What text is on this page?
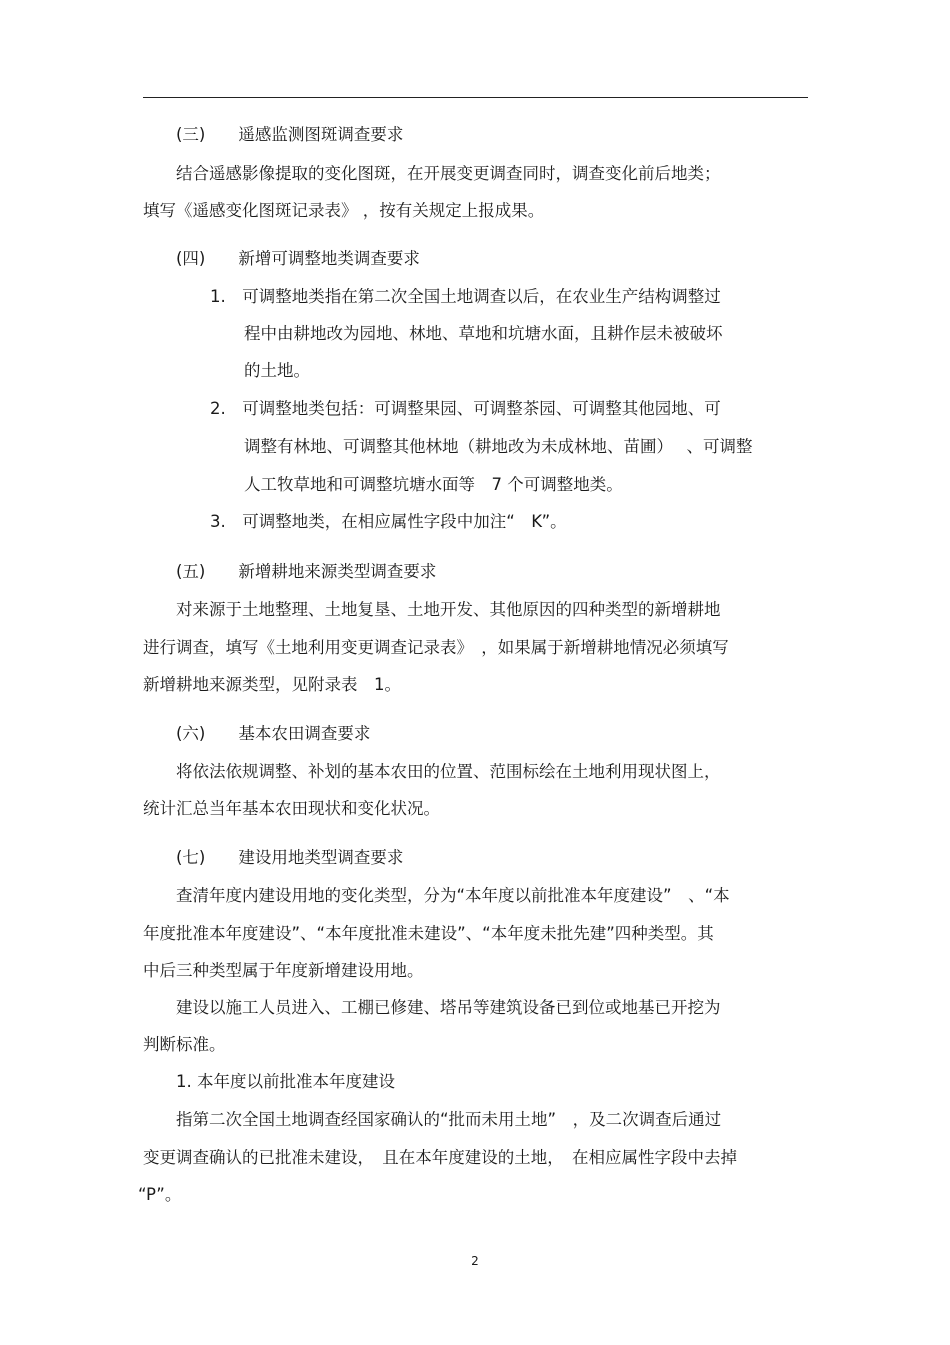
(三)　　遥感监测图斑调查要求
结合遥感影像提取的变化图斑，在开展变更调查同时，调查变化前后地类；
填写《遥感变化图斑记录表》 ，按有关规定上报成果。
(四)　　新增可调整地类调查要求
1.　可调整地类指在第二次全国土地调查以后，在农业生产结构调整过
程中由耕地改为园地、林地、草地和坑塘水面，且耕作层未被破坏
的土地。
2.　可调整地类包括：可调整果园、可调整茶园、可调整其他园地、可
调整有林地、可调整其他林地（耕地改为未成林地、苗圃）　 、可调整
人工牧草地和可调整坑塘水面等　7 个可调整地类。
3.　可调整地类，在相应属性字段中加注“　K”。
(五)　　新增耕地来源类型调查要求
对来源于土地整理、土地复垦、土地开发、其他原因的四种类型的新增耕地
进行调查，填写《土地利用变更调查记录表》　，如果属于新增耕地情况必须填写
新增耕地来源类型，见附录表　1。
(六)　　基本农田调查要求
将依法依规调整、补划的基本农田的位置、范围标绘在土地利用现状图上，
统计汇总当年基本农田现状和变化状况。
(七)　　建设用地类型调查要求
查清年度内建设用地的变化类型，分为“本年度以前批准本年度建设”　、“本
年度批准本年度建设”、“本年度批准未建设”、“本年度未批先建”四种类型。其
中后三种类型属于年度新增建设用地。
建设以施工人员进入、工棚已修建、塔吊等建筑设备已到位或地基已开挖为
判断标准。
1. 本年度以前批准本年度建设
指第二次全国土地调查经国家确认的“批而未用土地”　，及二次调查后通过
变更调查确认的已批准未建设，　且在本年度建设的土地，　在相应属性字段中去掉
“P”。
2
